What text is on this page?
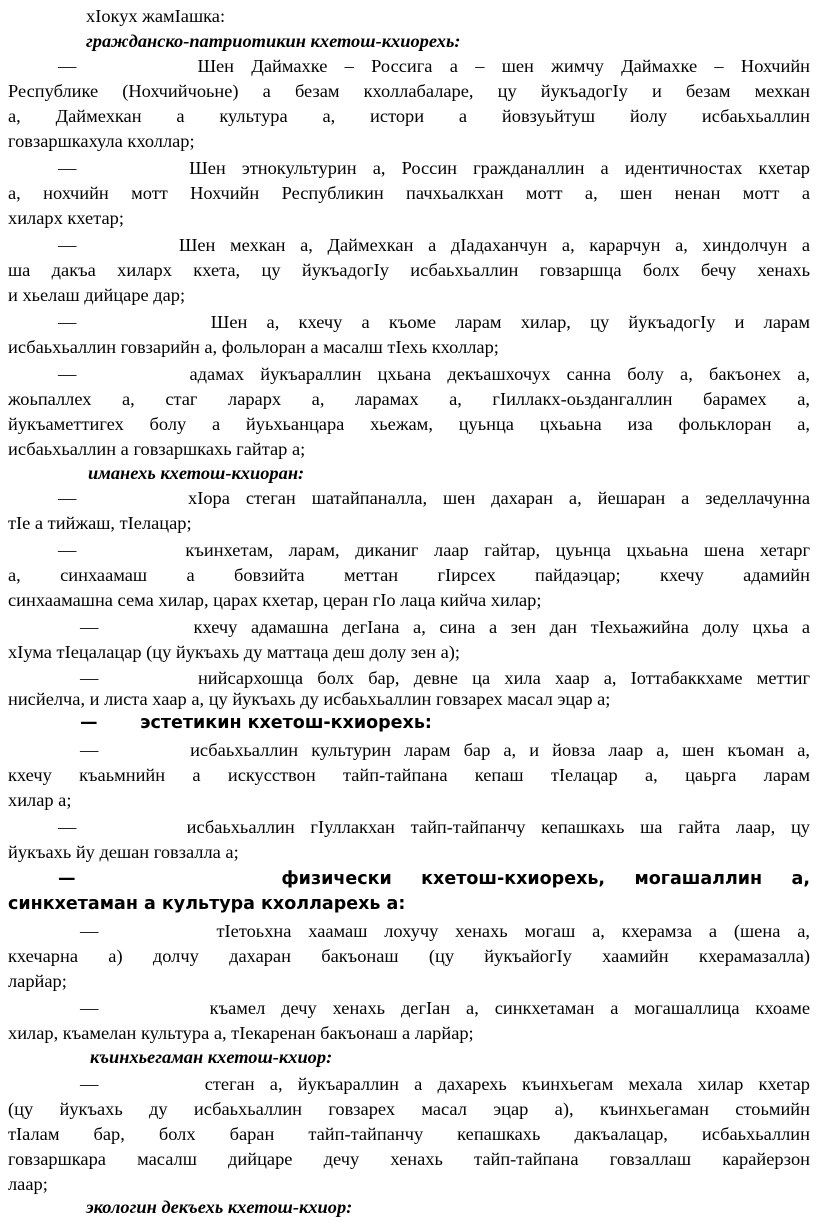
хIокух жамIашка:
гражданско-патриотикин кхетош-кхиорехь:
—       Шен Даймахке – Россига а – шен жимчу Даймахке – Нохчийн
Республике (Нохчийчоьне) а безам кхоллабаларе, цу йукъадогIу и безам мехкан
а, Даймехкан а культура а, истори а йовзуьйтуш йолу исбаьхьаллин
говзаршкахула кхоллар;
—       Шен этнокультурин а, Россин гражданаллин а идентичностах кхетар
а, нохчийн мотт Нохчийн Республикин пачхьалкхан мотт а, шен ненан мотт а
хиларх кхетар;
—       Шен мехкан а, Даймехкан а дIадаханчун а, карарчун а, хиндолчун а
ша дакъа хиларх кхета, цу йукъадогIу исбаьхьаллин говзаршца болх бечу хенахь
и хьелаш дийцаре дар;
—       Шен а, кхечу а къоме ларам хилар, цу йукъадогIу и ларам
исбаьхьаллин говзарийн а, фольлоран а масалш тIехь кхоллар;
—       адамах йукъараллин цхьана декъашхочух санна болу а, бакъонех а,
жоьпаллех а, стаг ларарх а, ларамах а, гIиллакх-оьздангаллин барамех а,
йукъаметтигех болу а йуьхьанцара хьежам, цуьнца цхьаьна иза фольклоран а,
исбаьхьаллин а говзаршкахь гайтар а;
иманехь кхетош-кхиоран:
—       хIора стеган шатайпаналла, шен дахаран а, йешаран а зеделлачунна
тIе а тийжаш, тIелацар;
—       къинхетам, ларам, диканиг лаар гайтар, цуьнца цхьаьна шена хетарг
а, синхаамаш а бовзийта меттан гIирсех пайдаэцар; кхечу адамийн
синхаамашна сема хилар, царах кхетар, церан гIо лаца кийча хилар;
—       кхечу адамашна дегIана а, сина а зен дан тIехьажийна долу цхьа а
хIума тIецалацар (цу йукъахь ду маттаца деш долу зен а);
—       нийсархошца болх бар, девне ца хила хаар а, Iоттабаккхаме меттиг
нисйелча, и листа хаар а, цу йукъахь ду исбаьхьаллин говзарех масал эцар а;
—       эстетикин кхетош-кхиорехь:
—       исбаьхьаллин культурин ларам бар а, и йовза лаар а, шен къоман а,
кхечу къаьмнийн а искусствон тайп-тайпана кепаш тIелацар а, цаьрга ларам
хилар а;
—       исбаьхьаллин гIуллакхан тайп-тайпанчу кепашкахь ша гайта лаар, цу
йукъахь йу дешан говзалла а;
—       физически кхетош-кхиорехь, могашаллин а,
синкхетаман а культура кхолларехь а:
—       тIетоьхна хаамаш лохучу хенахь могаш а, кхерамза а (шена а,
кхечарна а) долчу дахаран бакъонаш (цу йукъайогIу хаамийн кхерамазалла)
ларйар;
—       къамел дечу хенахь дегIан а, синкхетаман а могашаллица кхоаме
хилар, къамелан культура а, тIекаренан бакъонаш а ларйар;
къинхьегаман кхетош-кхиор:
—       стеган а, йукъараллин а дахарехь къинхьегам мехала хилар кхетар
(цу йукъахь ду исбаьхьаллин говзарех масал эцар а), къинхьегаман стоьмийн
тIалам бар, болх баран тайп-тайпанчу кепашкахь дакъалацар, исбаьхьаллин
говзаршкара масалш дийцаре дечу хенахь тайп-тайпана говзаллаш карайерзон
лаар;
экологин декъехь кхетош-кхиор:
